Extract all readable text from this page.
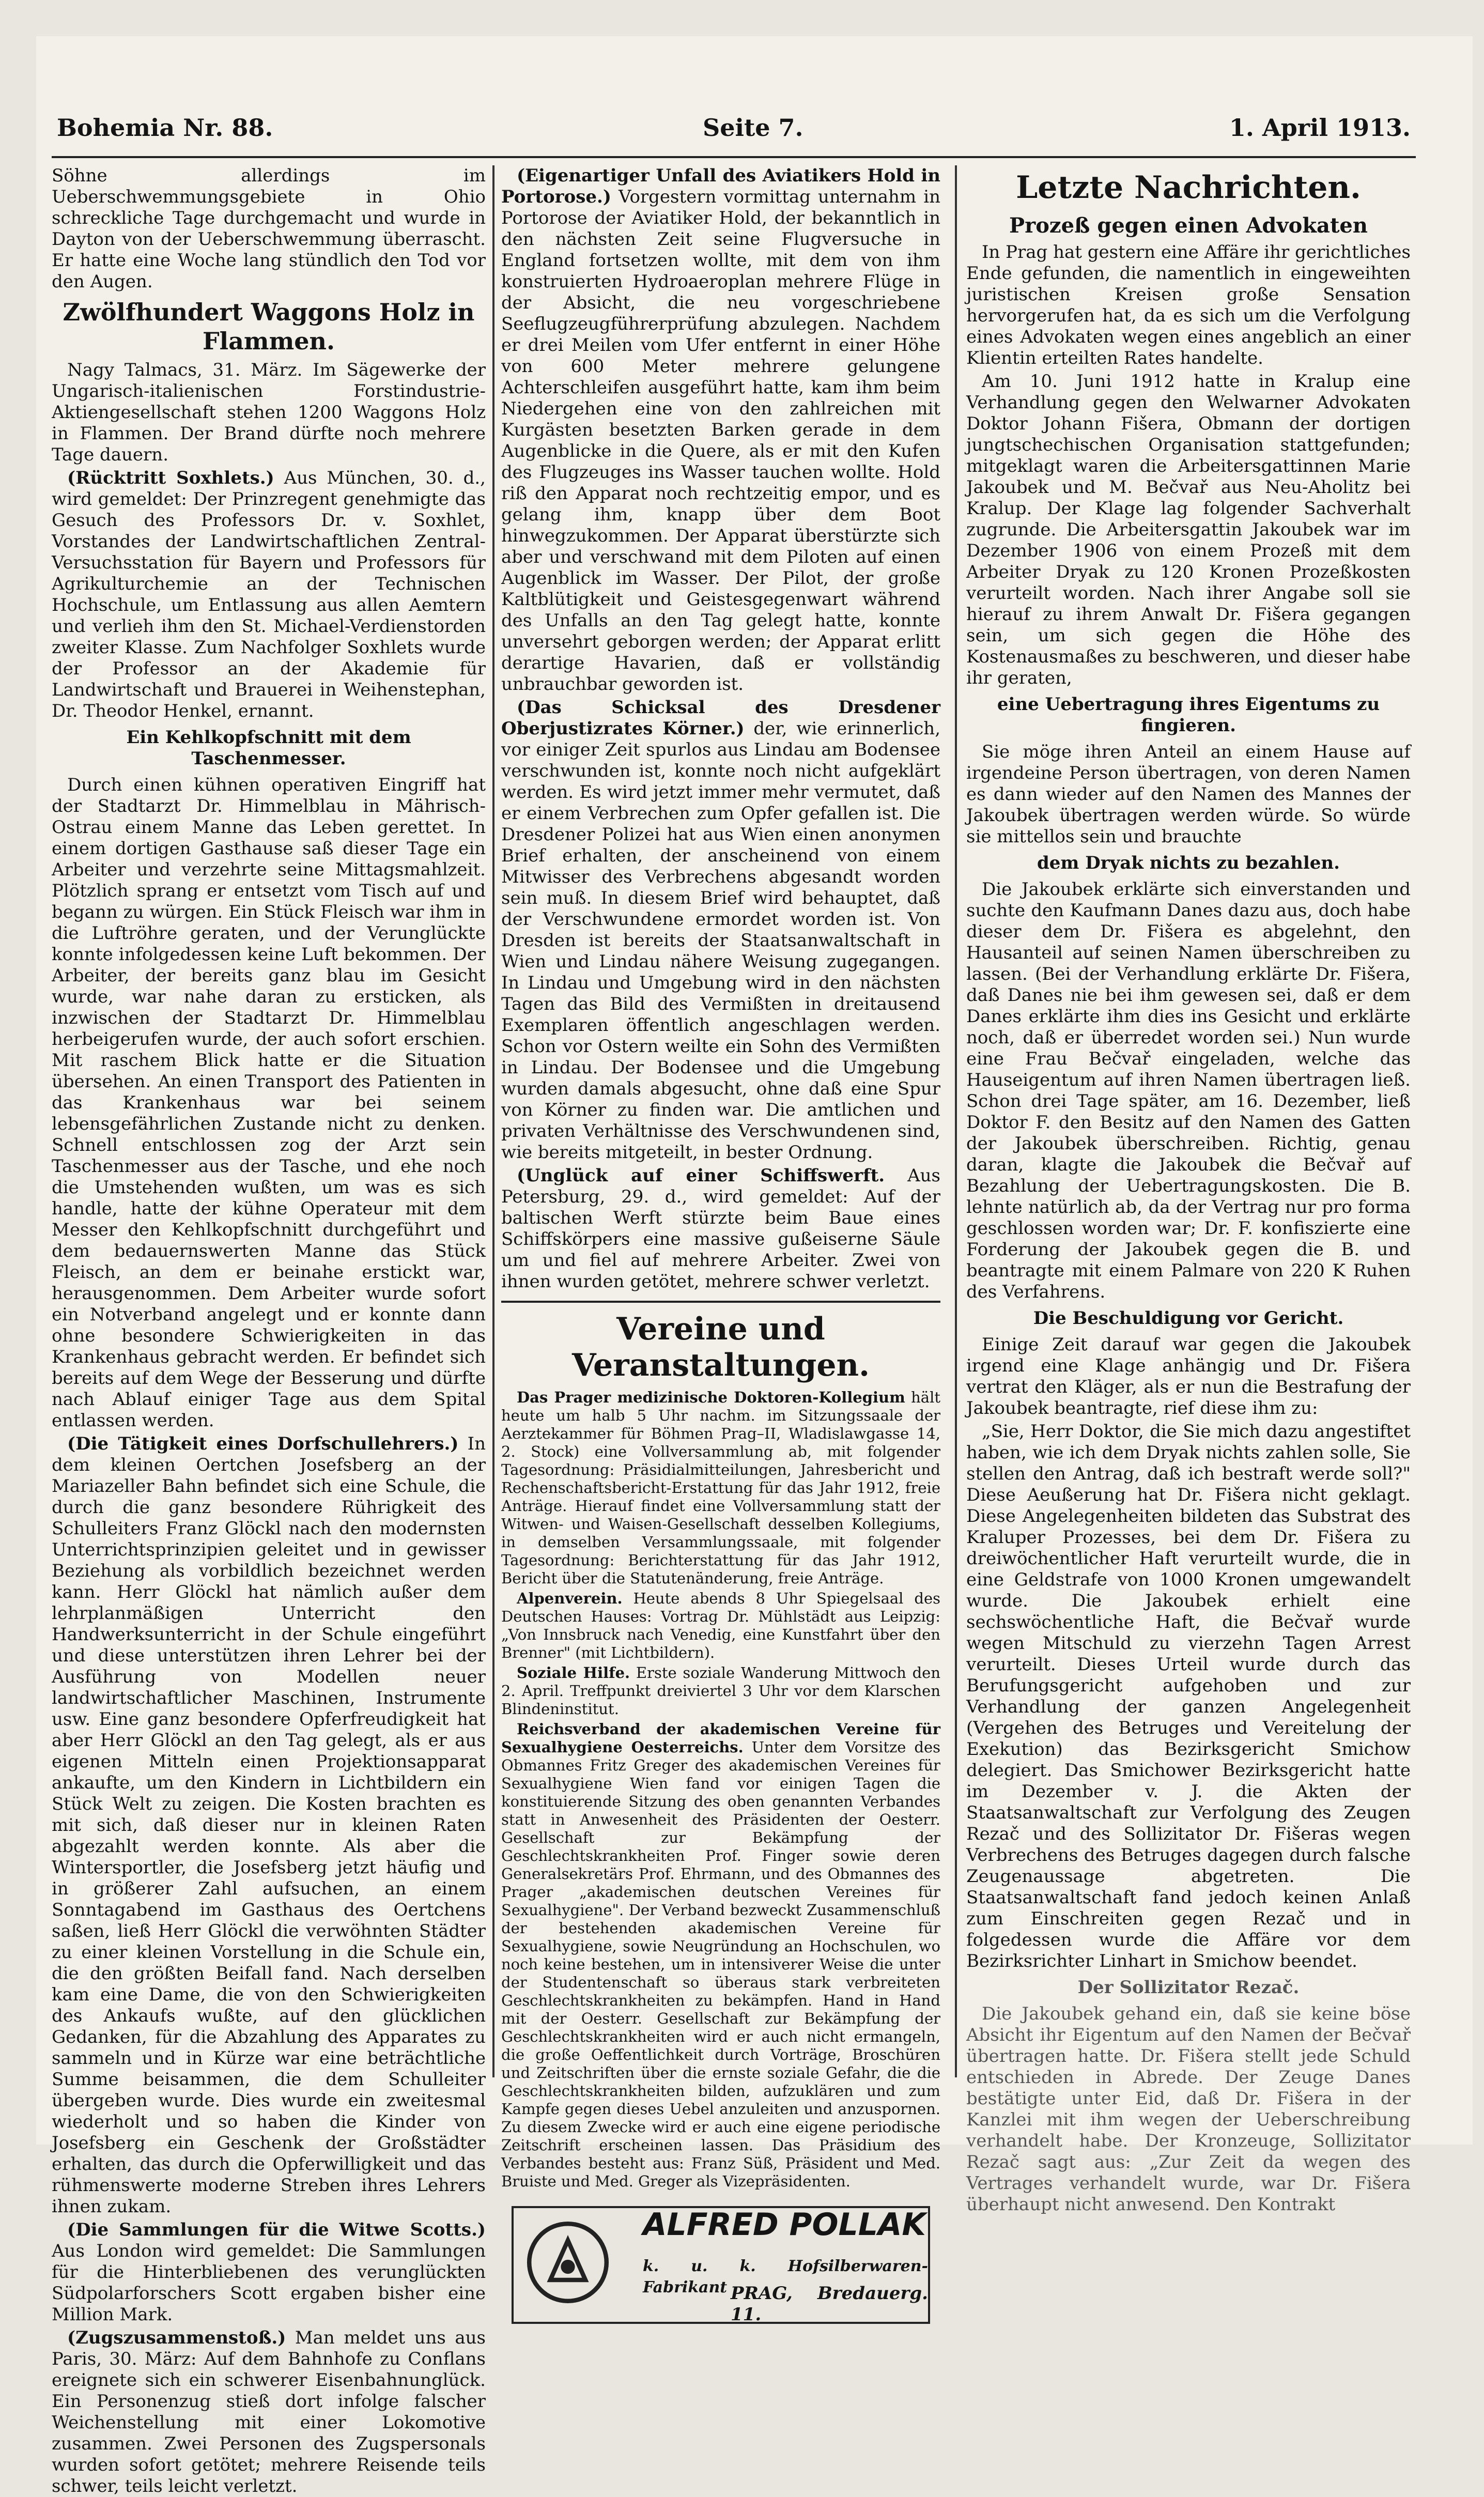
Bohemia Nr. 88.	Seite 7.	1. April 1913.

Söhne allerdings im Ueberschwemmungsgebiete in Ohio schreckliche Tage durchgemacht und wurde in Dayton von der Ueberschwemmung überrascht. Er hatte eine Woche lang stündlich den Tod vor den Augen.

Zwölfhundert Waggons Holz in Flammen.

Nagy Talmacs, 31. März. Im Sägewerke der Ungarisch-italienischen Forstindustrie-Aktiengesellschaft stehen 1200 Waggons Holz in Flammen. Der Brand dürfte noch mehrere Tage dauern.

(Rücktritt Soxhlets.) Aus München, 30. d., wird gemeldet: Der Prinzregent genehmigte das Gesuch des Professors Dr. v. Soxhlet, Vorstandes der Landwirtschaftlichen Zentral-Versuchsstation für Bayern und Professors für Agrikulturchemie an der Technischen Hochschule, um Entlassung aus allen Aemtern und verlieh ihm den St. Michael-Verdienstorden zweiter Klasse. Zum Nachfolger Soxhlets wurde der Professor an der Akademie für Landwirtschaft und Brauerei in Weihenstephan, Dr. Theodor Henkel, ernannt.

Ein Kehlkopfschnitt mit dem Taschenmesser.

Durch einen kühnen operativen Eingriff hat der Stadtarzt Dr. Himmelblau in Mährisch-Ostrau einem Manne das Leben gerettet. In einem dortigen Gasthause saß dieser Tage ein Arbeiter und verzehrte seine Mittagsmahlzeit. Plötzlich sprang er entsetzt vom Tisch auf und begann zu würgen. Ein Stück Fleisch war ihm in die Luftröhre geraten, und der Verunglückte konnte infolgedessen keine Luft bekommen. Der Arbeiter, der bereits ganz blau im Gesicht wurde, war nahe daran zu ersticken, als inzwischen der Stadtarzt Dr. Himmelblau herbeigerufen wurde, der auch sofort erschien. Mit raschem Blick hatte er die Situation übersehen. An einen Transport des Patienten in das Krankenhaus war bei seinem lebensgefährlichen Zustande nicht zu denken. Schnell entschlossen zog der Arzt sein Taschenmesser aus der Tasche, und ehe noch die Umstehenden wußten, um was es sich handle, hatte der kühne Operateur mit dem Messer den Kehlkopfschnitt durchgeführt und dem bedauernswerten Manne das Stück Fleisch, an dem er beinahe erstickt war, herausgenommen. Dem Arbeiter wurde sofort ein Notverband angelegt und er konnte dann ohne besondere Schwierigkeiten in das Krankenhaus gebracht werden. Er befindet sich bereits auf dem Wege der Besserung und dürfte nach Ablauf einiger Tage aus dem Spital entlassen werden.

(Die Tätigkeit eines Dorfschullehrers.) In dem kleinen Oertchen Josefsberg an der Mariazeller Bahn befindet sich eine Schule, die durch die ganz besondere Rührigkeit des Schulleiters Franz Glöckl nach den modernsten Unterrichtsprinzipien geleitet und in gewisser Beziehung als vorbildlich bezeichnet werden kann. Herr Glöckl hat nämlich außer dem lehrplanmäßigen Unterricht den Handwerksunterricht in der Schule eingeführt und diese unterstützen ihren Lehrer bei der Ausführung von Modellen neuer landwirtschaftlicher Maschinen, Instrumente usw. Eine ganz besondere Opferfreudigkeit hat aber Herr Glöckl an den Tag gelegt, als er aus eigenen Mitteln einen Projektionsapparat ankaufte, um den Kindern in Lichtbildern ein Stück Welt zu zeigen. Die Kosten brachten es mit sich, daß dieser nur in kleinen Raten abgezahlt werden konnte. Als aber die Wintersportler, die Josefsberg jetzt häufig und in größerer Zahl aufsuchen, an einem Sonntagabend im Gasthaus des Oertchens saßen, ließ Herr Glöckl die verwöhnten Städter zu einer kleinen Vorstellung in die Schule ein, die den größten Beifall fand. Nach derselben kam eine Dame, die von den Schwierigkeiten des Ankaufs wußte, auf den glücklichen Gedanken, für die Abzahlung des Apparates zu sammeln und in Kürze war eine beträchtliche Summe beisammen, die dem Schulleiter übergeben wurde. Dies wurde ein zweitesmal wiederholt und so haben die Kinder von Josefsberg ein Geschenk der Großstädter erhalten, das durch die Opferwilligkeit und das rühmenswerte moderne Streben ihres Lehrers ihnen zukam.

(Die Sammlungen für die Witwe Scotts.) Aus London wird gemeldet: Die Sammlungen für die Hinterbliebenen des verunglückten Südpolarforschers Scott ergaben bisher eine Million Mark.

(Zugszusammenstoß.) Man meldet uns aus Paris, 30. März: Auf dem Bahnhofe zu Conflans ereignete sich ein schwerer Eisenbahnunglück. Ein Personenzug stieß dort infolge falscher Weichenstellung mit einer Lokomotive zusammen. Zwei Personen des Zugspersonals wurden sofort getötet; mehrere Reisende teils schwer, teils leicht verletzt.

(Eigenartiger Unfall des Aviatikers Hold in Portorose.) Vorgestern vormittag unternahm in Portorose der Aviatiker Hold, der bekanntlich in den nächsten Zeit seine Flugversuche in England fortsetzen wollte, mit dem von ihm konstruierten Hydroaeroplan mehrere Flüge in der Absicht, die neu vorgeschriebene Seeflugzeugführerprüfung abzulegen. Nachdem er drei Meilen vom Ufer entfernt in einer Höhe von 600 Meter mehrere gelungene Achterschleifen ausgeführt hatte, kam ihm beim Niedergehen eine von den zahlreichen mit Kurgästen besetzten Barken gerade in dem Augenblicke in die Quere, als er mit den Kufen des Flugzeuges ins Wasser tauchen wollte. Hold riß den Apparat noch rechtzeitig empor, und es gelang ihm, knapp über dem Boot hinwegzukommen. Der Apparat überstürzte sich aber und verschwand mit dem Piloten auf einen Augenblick im Wasser. Der Pilot, der große Kaltblütigkeit und Geistesgegenwart während des Unfalls an den Tag gelegt hatte, konnte unversehrt geborgen werden; der Apparat erlitt derartige Havarien, daß er vollständig unbrauchbar geworden ist.

(Das Schicksal des Dresdener Oberjustizrates Körner.) der, wie erinnerlich, vor einiger Zeit spurlos aus Lindau am Bodensee verschwunden ist, konnte noch nicht aufgeklärt werden. Es wird jetzt immer mehr vermutet, daß er einem Verbrechen zum Opfer gefallen ist. Die Dresdener Polizei hat aus Wien einen anonymen Brief erhalten, der anscheinend von einem Mitwisser des Verbrechens abgesandt worden sein muß. In diesem Brief wird behauptet, daß der Verschwundene ermordet worden ist. Von Dresden ist bereits der Staatsanwaltschaft in Wien und Lindau nähere Weisung zugegangen. In Lindau und Umgebung wird in den nächsten Tagen das Bild des Vermißten in dreitausend Exemplaren öffentlich angeschlagen werden. Schon vor Ostern weilte ein Sohn des Vermißten in Lindau. Der Bodensee und die Umgebung wurden damals abgesucht, ohne daß eine Spur von Körner zu finden war. Die amtlichen und privaten Verhältnisse des Verschwundenen sind, wie bereits mitgeteilt, in bester Ordnung.

(Unglück auf einer Schiffswerft. Aus Petersburg, 29. d., wird gemeldet: Auf der baltischen Werft stürzte beim Baue eines Schiffskörpers eine massive gußeiserne Säule um und fiel auf mehrere Arbeiter. Zwei von ihnen wurden getötet, mehrere schwer verletzt.

Vereine und Veranstaltungen.

Das Prager medizinische Doktoren-Kollegium hält heute um halb 5 Uhr nachm. im Sitzungssaale der Aerztekammer für Böhmen Prag–II, Wladislawgasse 14, 2. Stock) eine Vollversammlung ab, mit folgender Tagesordnung: Präsidialmitteilungen, Jahresbericht und Rechenschaftsbericht-Erstattung für das Jahr 1912, freie Anträge. Hierauf findet eine Vollversammlung statt der Witwen- und Waisen-Gesellschaft desselben Kollegiums, in demselben Versammlungssaale, mit folgender Tagesordnung: Berichterstattung für das Jahr 1912, Bericht über die Statutenänderung, freie Anträge.

Alpenverein. Heute abends 8 Uhr Spiegelsaal des Deutschen Hauses: Vortrag Dr. Mühlstädt aus Leipzig: „Von Innsbruck nach Venedig, eine Kunstfahrt über den Brenner" (mit Lichtbildern).

Soziale Hilfe. Erste soziale Wanderung Mittwoch den 2. April. Treffpunkt dreiviertel 3 Uhr vor dem Klarschen Blindeninstitut.

Reichsverband der akademischen Vereine für Sexualhygiene Oesterreichs. Unter dem Vorsitze des Obmannes Fritz Greger des akademischen Vereines für Sexualhygiene Wien fand vor einigen Tagen die konstituierende Sitzung des oben genannten Verbandes statt in Anwesenheit des Präsidenten der Oesterr. Gesellschaft zur Bekämpfung der Geschlechtskrankheiten Prof. Finger sowie deren Generalsekretärs Prof. Ehrmann, und des Obmannes des Prager „akademischen deutschen Vereines für Sexualhygiene". Der Verband bezweckt Zusammenschluß der bestehenden akademischen Vereine für Sexualhygiene, sowie Neugründung an Hochschulen, wo noch keine bestehen, um in intensiverer Weise die unter der Studentenschaft so überaus stark verbreiteten Geschlechtskrankheiten zu bekämpfen. Hand in Hand mit der Oesterr. Gesellschaft zur Bekämpfung der Geschlechtskrankheiten wird er auch nicht ermangeln, die große Oeffentlichkeit durch Vorträge, Broschüren und Zeitschriften über die ernste soziale Gefahr, die die Geschlechtskrankheiten bilden, aufzuklären und zum Kampfe gegen dieses Uebel anzuleiten und anzuspornen. Zu diesem Zwecke wird er auch eine eigene periodische Zeitschrift erscheinen lassen. Das Präsidium des Verbandes besteht aus: Franz Süß, Präsident und Med. Bruiste und Med. Greger als Vizepräsidenten.

ALFRED POLLAK
k. u. k. Hofsilberwaren-Fabrikant PRAG, Bredauerg. 11.
Letzte Nachrichten.
Prozeß gegen einen Advokaten

In Prag hat gestern eine Affäre ihr gerichtliches Ende gefunden, die namentlich in eingeweihten juristischen Kreisen große Sensation hervorgerufen hat, da es sich um die Verfolgung eines Advokaten wegen eines angeblich an einer Klientin erteilten Rates handelte.

Am 10. Juni 1912 hatte in Kralup eine Verhandlung gegen den Welwarner Advokaten Doktor Johann Fišera, Obmann der dortigen jungtschechischen Organisation stattgefunden; mitgeklagt waren die Arbeitersgattinnen Marie Jakoubek und M. Bečvař aus Neu-Aholitz bei Kralup. Der Klage lag folgender Sachverhalt zugrunde. Die Arbeitersgattin Jakoubek war im Dezember 1906 von einem Prozeß mit dem Arbeiter Dryak zu 120 Kronen Prozeßkosten verurteilt worden. Nach ihrer Angabe soll sie hierauf zu ihrem Anwalt Dr. Fišera gegangen sein, um sich gegen die Höhe des Kostenausmaßes zu beschweren, und dieser habe ihr geraten,

eine Uebertragung ihres Eigentums zu fingieren.

Sie möge ihren Anteil an einem Hause auf irgendeine Person übertragen, von deren Namen es dann wieder auf den Namen des Mannes der Jakoubek übertragen werden würde. So würde sie mittellos sein und brauchte

dem Dryak nichts zu bezahlen.

Die Jakoubek erklärte sich einverstanden und suchte den Kaufmann Danes dazu aus, doch habe dieser dem Dr. Fišera es abgelehnt, den Hausanteil auf seinen Namen überschreiben zu lassen. (Bei der Verhandlung erklärte Dr. Fišera, daß Danes nie bei ihm gewesen sei, daß er dem Danes erklärte ihm dies ins Gesicht und erklärte noch, daß er überredet worden sei.) Nun wurde eine Frau Bečvař eingeladen, welche das Hauseigentum auf ihren Namen übertragen ließ. Schon drei Tage später, am 16. Dezember, ließ Doktor F. den Besitz auf den Namen des Gatten der Jakoubek überschreiben. Richtig, genau daran, klagte die Jakoubek die Bečvař auf Bezahlung der Uebertragungskosten. Die B. lehnte natürlich ab, da der Vertrag nur pro forma geschlossen worden war; Dr. F. konfiszierte eine Forderung der Jakoubek gegen die B. und beantragte mit einem Palmare von 220 K Ruhen des Verfahrens.

Die Beschuldigung vor Gericht.

Einige Zeit darauf war gegen die Jakoubek irgend eine Klage anhängig und Dr. Fišera vertrat den Kläger, als er nun die Bestrafung der Jakoubek beantragte, rief diese ihm zu:

„Sie, Herr Doktor, die Sie mich dazu angestiftet haben, wie ich dem Dryak nichts zahlen solle, Sie stellen den Antrag, daß ich bestraft werde soll?" Diese Aeußerung hat Dr. Fišera nicht geklagt. Diese Angelegenheiten bildeten das Substrat des Kraluper Prozesses, bei dem Dr. Fišera zu dreiwöchentlicher Haft verurteilt wurde, die in eine Geldstrafe von 1000 Kronen umgewandelt wurde. Die Jakoubek erhielt eine sechswöchentliche Haft, die Bečvař wurde wegen Mitschuld zu vierzehn Tagen Arrest verurteilt. Dieses Urteil wurde durch das Berufungsgericht aufgehoben und zur Verhandlung der ganzen Angelegenheit (Vergehen des Betruges und Vereitelung der Exekution) das Bezirksgericht Smichow delegiert. Das Smichower Bezirksgericht hatte im Dezember v. J. die Akten der Staatsanwaltschaft zur Verfolgung des Zeugen Rezač und des Sollizitator Dr. Fišeras wegen Verbrechens des Betruges dagegen durch falsche Zeugenaussage abgetreten. Die Staatsanwaltschaft fand jedoch keinen Anlaß zum Einschreiten gegen Rezač und in folgedessen wurde die Affäre vor dem Bezirksrichter Linhart in Smichow beendet.

Der Sollizitator Rezač.

Die Jakoubek gehand ein, daß sie keine böse Absicht ihr Eigentum auf den Namen der Bečvař übertragen hatte. Dr. Fišera stellt jede Schuld entschieden in Abrede. Der Zeuge Danes bestätigte unter Eid, daß Dr. Fišera in der Kanzlei mit ihm wegen der Ueberschreibung verhandelt habe. Der Kronzeuge, Sollizitator Rezač sagt aus: „Zur Zeit da wegen des Vertrages verhandelt wurde, war Dr. Fišera überhaupt nicht anwesend. Den Kontrakt
